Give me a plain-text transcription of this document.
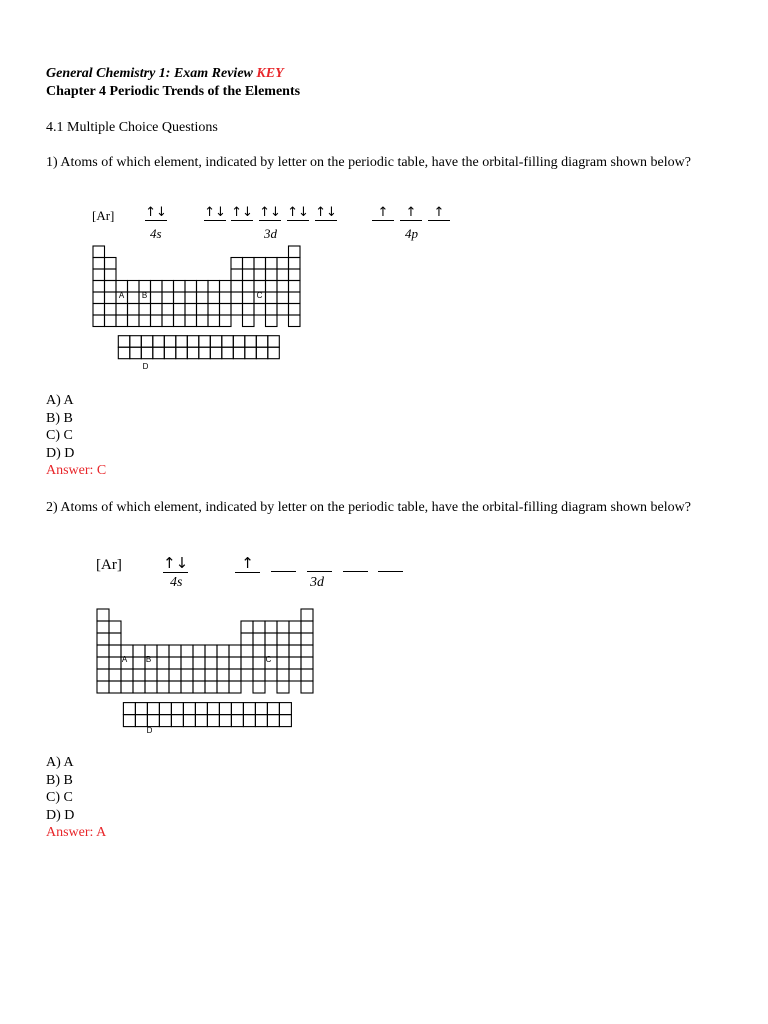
General Chemistry 1: Exam Review KEY
Chapter 4 Periodic Trends of the Elements
4.1 Multiple Choice Questions
1) Atoms of which element, indicated by letter on the periodic table, have the orbital-filling diagram shown below?
[Ar] ↑↓
4s
↑↓ ↑↓ ↑↓ ↑↓ ↑↓
3d
↑	↑	↑
4p
A	B	C
D
A) A
B) B
C) C
D) D
Answer: C
2) Atoms of which element, indicated by letter on the periodic table, have the orbital-filling diagram shown below?
[Ar]	↑↓
4s
↑
3d
A	B	C
D
A) A
B) B
C) C
D) D
Answer: A
